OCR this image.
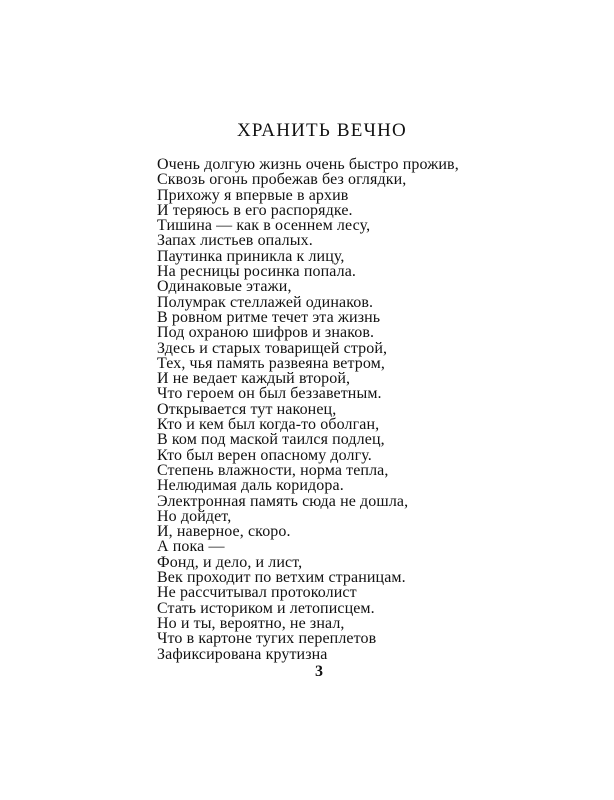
ХРАНИТЬ ВЕЧНО
Очень долгую жизнь очень быстро прожив,
Сквозь огонь пробежав без оглядки,
Прихожу я впервые в архив
И теряюсь в его распорядке.
Тишина — как в осеннем лесу,
Запах листьев опалых.
Паутинка приникла к лицу,
На ресницы росинка попала.
Одинаковые этажи,
Полумрак стеллажей одинаков.
В ровном ритме течет эта жизнь
Под охраною шифров и знаков.
Здесь и старых товарищей строй,
Тех, чья память развеяна ветром,
И не ведает каждый второй,
Что героем он был беззаветным.
Открывается тут наконец,
Кто и кем был когда-то оболган,
В ком под маской таился подлец,
Кто был верен опасному долгу.
Степень влажности, норма тепла,
Нелюдимая даль коридора.
Электронная память сюда не дошла,
Но дойдет,
И, наверное, скоро.
А пока —
Фонд, и дело, и лист,
Век проходит по ветхим страницам.
Не рассчитывал протоколист
Стать историком и летописцем.
Но и ты, вероятно, не знал,
Что в картоне тугих переплетов
Зафиксирована крутизна
3
